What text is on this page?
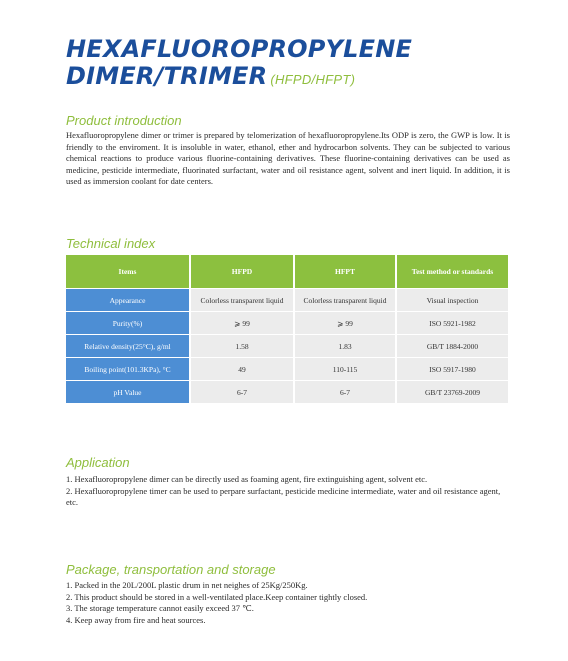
HEXAFLUOROPROPYLENE
DIMER/TRIMER (HFPD/HFPT)
Product introduction
Hexafluoropropylene dimer or trimer is prepared by telomerization of hexafluoropropylene.Its ODP is zero, the GWP is low. It is friendly to the enviroment. It is insoluble in water, ethanol, ether and hydrocarbon solvents. They can be subjected to various chemical reactions to produce various fluorine-containing derivatives. These fluorine-containing derivatives can be used as medicine, pesticide intermediate, fluorinated surfactant, water and oil resistance agent, solvent and inert liquid. In addition, it is used as immersion coolant for date centers.
Technical index
Items	HFPD	HFPT	Test method or standards
Appearance	Colorless transparent liquid	Colorless transparent liquid	Visual inspection
Purity(%)	⩾ 99	⩾ 99	ISO 5921-1982
Relative density(25°C), g/ml	1.58	1.83	GB/T 1884-2000
Boiling point(101.3KPa), °C	49	110-115	ISO 5917-1980
pH Value	6-7	6-7	GB/T 23769-2009
Application
1. Hexafluoropropylene dimer can be directly used as foaming agent, fire extinguishing agent, solvent etc.
2. Hexafluoropropylene timer can be used to perpare surfactant, pesticide medicine intermediate, water and oil resistance agent, etc.
Package, transportation and storage
1. Packed in the 20L/200L plastic drum in net neighes of 25Kg/250Kg.
2. This product should be stored in a well-ventilated place.Keep container tightly closed.
3. The storage temperature cannot easily exceed 37 ℃.
4. Keep away from fire and heat sources.
